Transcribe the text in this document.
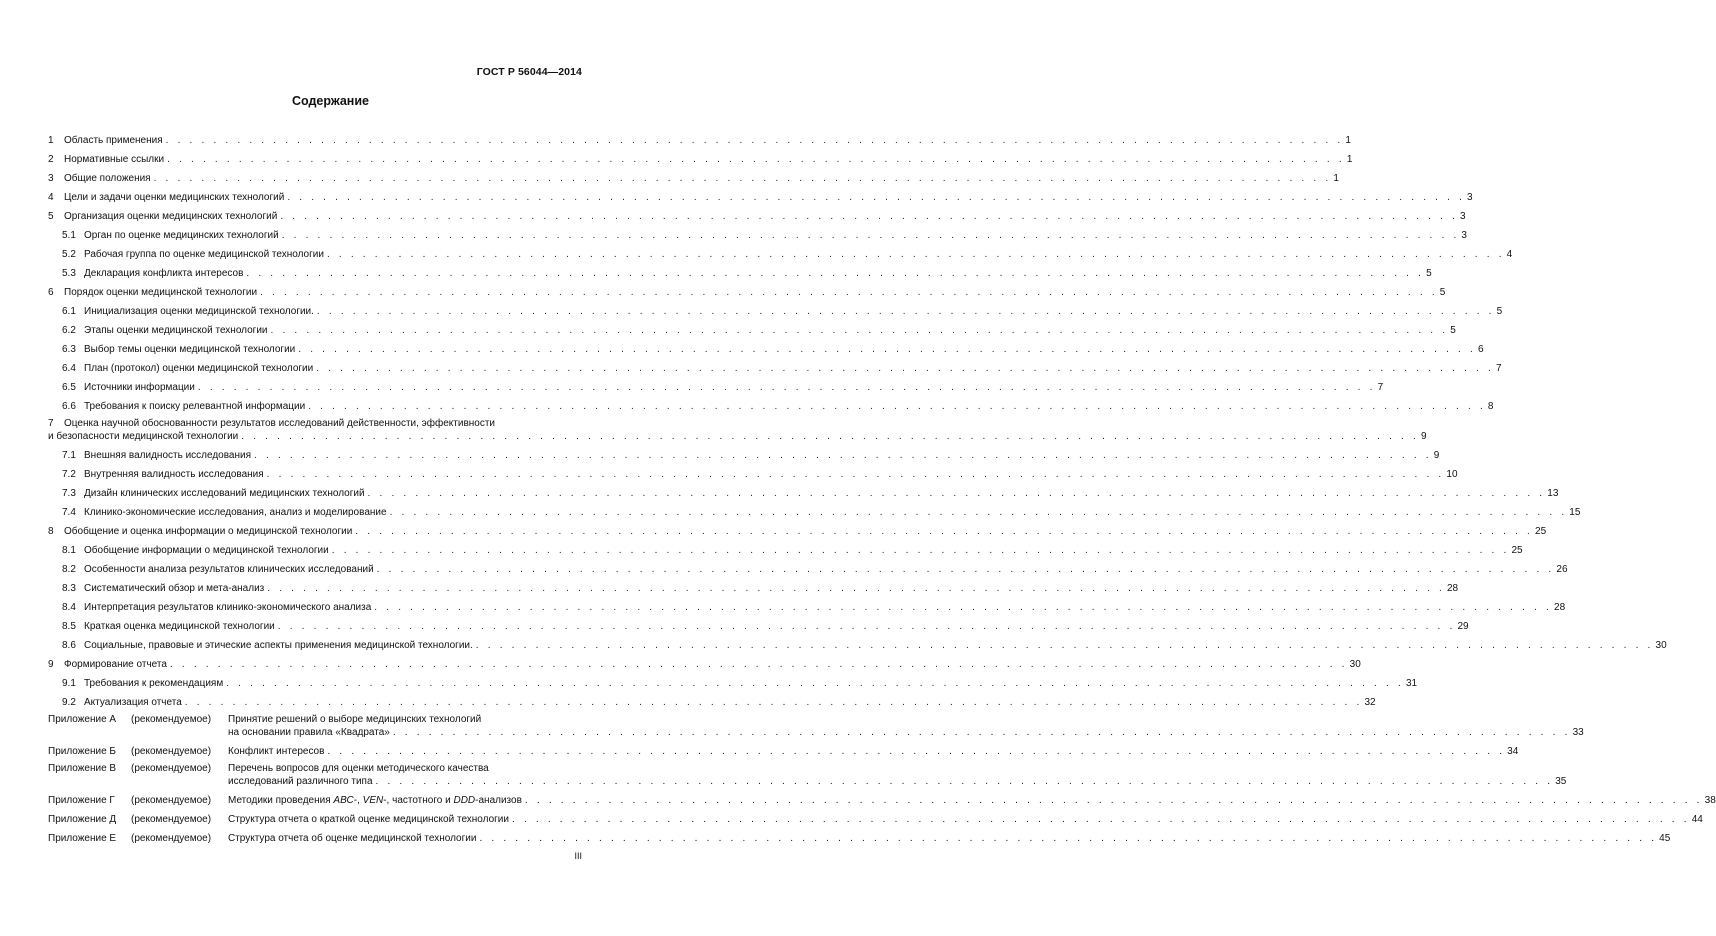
ГОСТ Р 56044—2014
Содержание
1 Область применения . . .	1
2 Нормативные ссылки . . .	1
3 Общие положения . . .	1
4 Цели и задачи оценки медицинских технологий . . .	3
5 Организация оценки медицинских технологий . . .	3
5.1 Орган по оценке медицинских технологий . . .	3
5.2 Рабочая группа по оценке медицинской технологии . . .	4
5.3 Декларация конфликта интересов . . .	5
6 Порядок оценки медицинской технологии . . .	5
6.1 Инициализация оценки медицинской технологии. . . .	5
6.2 Этапы оценки медицинской технологии . . .	5
6.3 Выбор темы оценки медицинской технологии . . .	6
6.4 План (протокол) оценки медицинской технологии . . .	7
6.5 Источники информации . . .	7
6.6 Требования к поиску релевантной информации . . .	8
7 Оценка научной обоснованности результатов исследований действенности, эффективности
и безопасности медицинской технологии . . .	9
7.1 Внешняя валидность исследования . . .	9
7.2 Внутренняя валидность исследования . . .	10
7.3 Дизайн клинических исследований медицинских технологий . . .	13
7.4 Клинико-экономические исследования, анализ и моделирование . . .	15
8 Обобщение и оценка информации о медицинской технологии . . .	25
8.1 Обобщение информации о медицинской технологии . . .	25
8.2 Особенности анализа результатов клинических исследований . . .	26
8.3 Систематический обзор и мета-анализ . . .	28
8.4 Интерпретация результатов клинико-экономического анализа . . .	28
8.5 Краткая оценка медицинской технологии . . .	29
8.6 Социальные, правовые и этические аспекты применения медицинской технологии. . . .	30
9 Формирование отчета . . .	30
9.1 Требования к рекомендациям . . .	31
9.2 Актуализация отчета . . .	32
Приложение А	(рекомендуемое)	Принятие решений о выборе медицинских технологий
на основании правила «Квадрата» . . .	33
Приложение Б	(рекомендуемое)	Конфликт интересов . . .	34
Приложение В	(рекомендуемое)	Перечень вопросов для оценки методического качества
исследований различного типа . . .	35
Приложение Г	(рекомендуемое)	Методики проведения АВС-, VEN-, частотного и DDD-анализов . . .	38
Приложение Д	(рекомендуемое)	Структура отчета о краткой оценке медицинской технологии . . .	44
Приложение Е	(рекомендуемое)	Структура отчета об оценке медицинской технологии . . .	45
III
